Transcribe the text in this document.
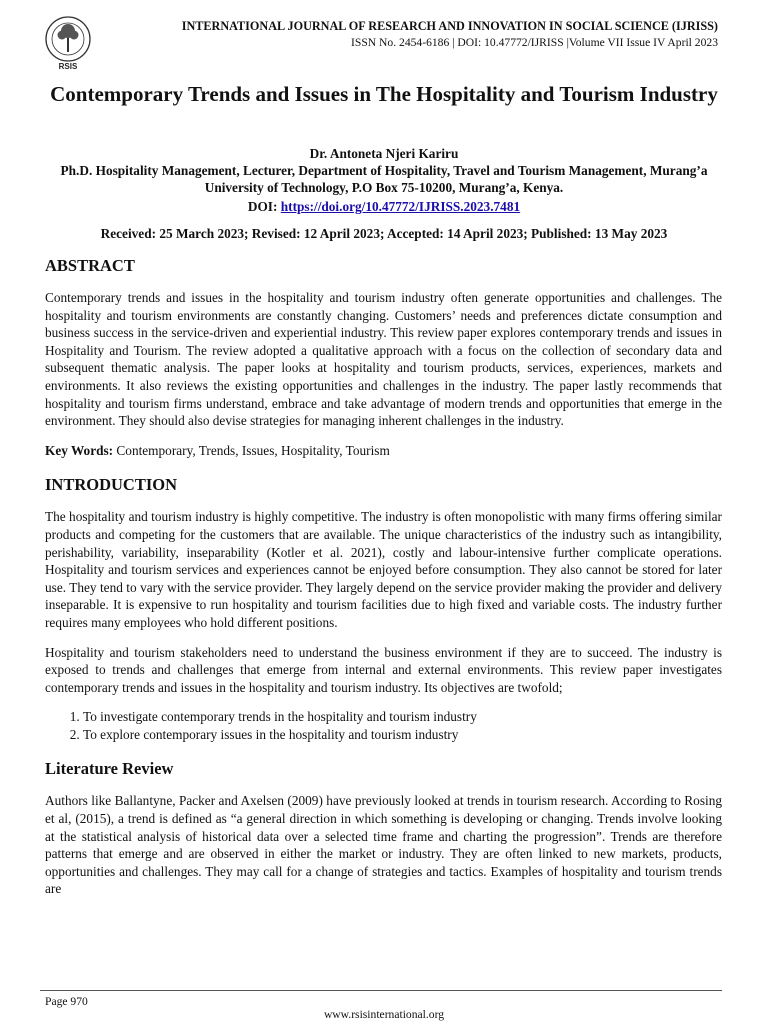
RSIS
INTERNATIONAL JOURNAL OF RESEARCH AND INNOVATION IN SOCIAL SCIENCE (IJRISS)
ISSN No. 2454-6186 | DOI: 10.47772/IJRISS |Volume VII Issue IV April 2023
Contemporary Trends and Issues in The Hospitality and Tourism Industry
Dr. Antoneta Njeri Kariru
Ph.D. Hospitality Management, Lecturer, Department of Hospitality, Travel and Tourism Management, Murang’a University of Technology, P.O Box 75-10200, Murang’a, Kenya.
DOI: https://doi.org/10.47772/IJRISS.2023.7481
Received: 25 March 2023; Revised: 12 April 2023; Accepted: 14 April 2023; Published: 13 May 2023
ABSTRACT

Contemporary trends and issues in the hospitality and tourism industry often generate opportunities and challenges. The hospitality and tourism environments are constantly changing. Customers’ needs and preferences dictate consumption and business success in the service-driven and experiential industry. This review paper explores contemporary trends and issues in Hospitality and Tourism. The review adopted a qualitative approach with a focus on the collection of secondary data and subsequent thematic analysis. The paper looks at hospitality and tourism products, services, experiences, markets and environments. It also reviews the existing opportunities and challenges in the industry. The paper lastly recommends that hospitality and tourism firms understand, embrace and take advantage of modern trends and opportunities that emerge in the environment. They should also devise strategies for managing inherent challenges in the industry.

Key Words: Contemporary, Trends, Issues, Hospitality, Tourism

INTRODUCTION

The hospitality and tourism industry is highly competitive. The industry is often monopolistic with many firms offering similar products and competing for the customers that are available. The unique characteristics of the industry such as intangibility, perishability, variability, inseparability (Kotler et al. 2021), costly and labour-intensive further complicate operations. Hospitality and tourism services and experiences cannot be enjoyed before consumption. They also cannot be stored for later use. They tend to vary with the service provider. They largely depend on the service provider making the provider and delivery inseparable. It is expensive to run hospitality and tourism facilities due to high fixed and variable costs. The industry further requires many employees who hold different positions.

Hospitality and tourism stakeholders need to understand the business environment if they are to succeed. The industry is exposed to trends and challenges that emerge from internal and external environments. This review paper investigates contemporary trends and issues in the hospitality and tourism industry. Its objectives are twofold;

1. To investigate contemporary trends in the hospitality and tourism industry
2. To explore contemporary issues in the hospitality and tourism industry
Literature Review

Authors like Ballantyne, Packer and Axelsen (2009) have previously looked at trends in tourism research. According to Rosing et al, (2015), a trend is defined as “a general direction in which something is developing or changing. Trends involve looking at the statistical analysis of historical data over a selected time frame and charting the progression”. Trends are therefore patterns that emerge and are observed in either the market or industry. They are often linked to new markets, products, opportunities and challenges. They may call for a change of strategies and tactics. Examples of hospitality and tourism trends are

Page 970
www.rsisinternational.org
